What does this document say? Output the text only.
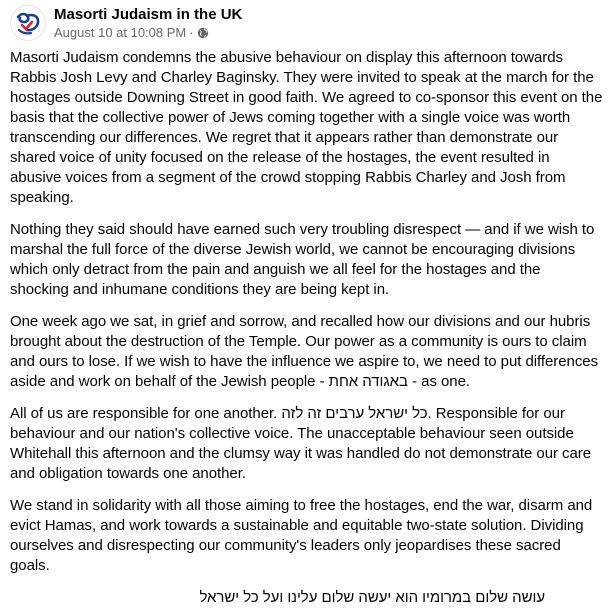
Masorti Judaism in the UK
August 10 at 10:08 PM ·

Masorti Judaism condemns the abusive behaviour on display this afternoon towards Rabbis Josh Levy and Charley Baginsky. They were invited to speak at the march for the hostages outside Downing Street in good faith. We agreed to co-sponsor this event on the basis that the collective power of Jews coming together with a single voice was worth transcending our differences. We regret that it appears rather than demonstrate our shared voice of unity focused on the release of the hostages, the event resulted in abusive voices from a segment of the crowd stopping Rabbis Charley and Josh from speaking.

Nothing they said should have earned such very troubling disrespect — and if we wish to marshal the full force of the diverse Jewish world, we cannot be encouraging divisions which only detract from the pain and anguish we all feel for the hostages and the shocking and inhumane conditions they are being kept in.

One week ago we sat, in grief and sorrow, and recalled how our divisions and our hubris brought about the destruction of the Temple. Our power as a community is ours to claim and ours to lose. If we wish to have the influence we aspire to, we need to put differences aside and work on behalf of the Jewish people - באגודה אחת - as one.

All of us are responsible for one another. כל ישראל ערבים זה לזה. Responsible for our behaviour and our nation's collective voice. The unacceptable behaviour seen outside Whitehall this afternoon and the clumsy way it was handled do not demonstrate our care and obligation towards one another.

We stand in solidarity with all those aiming to free the hostages, end the war, disarm and evict Hamas, and work towards a sustainable and equitable two-state solution. Dividing ourselves and disrespecting our community's leaders only jeopardises these sacred goals.

עושה שלום במרומיו הוא יעשה שלום עלינו ועל כל ישראל
